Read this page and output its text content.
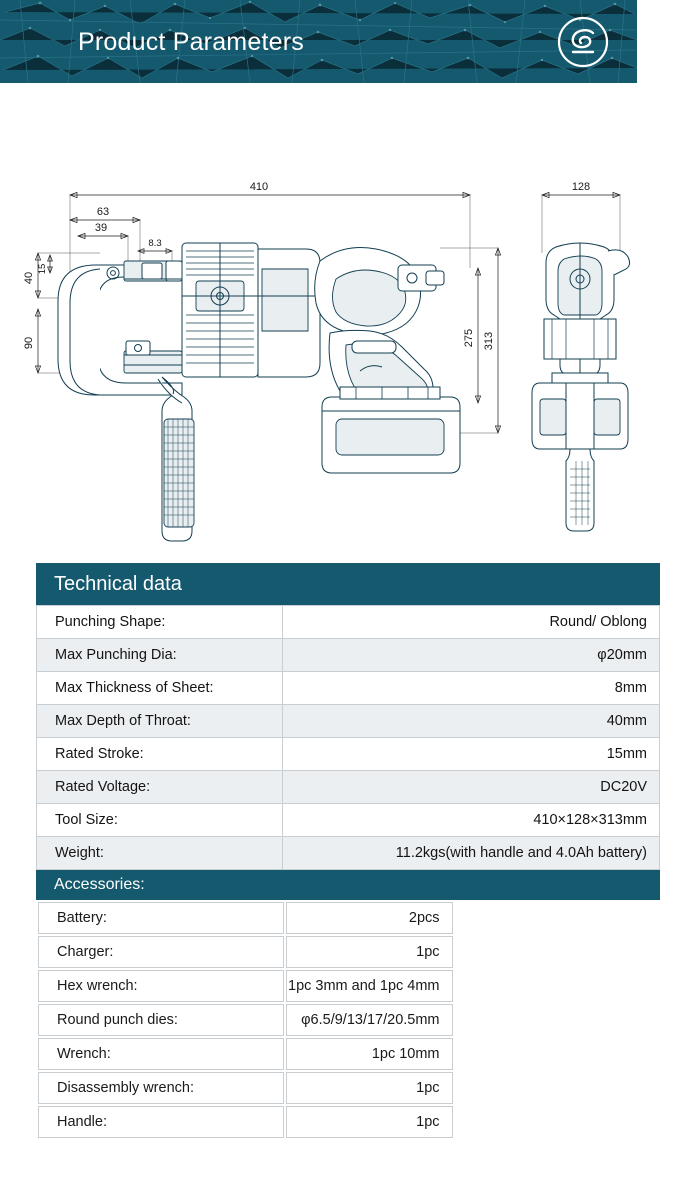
Product Parameters
410
63
39
8.3
15
40
90	275 313
128
Technical data
Punching Shape:	Round/ Oblong
Max Punching Dia:	φ20mm
Max Thickness of Sheet:	8mm
Max Depth of Throat:	40mm
Rated Stroke:	15mm
Rated Voltage:	DC20V
Tool Size:	410×128×313mm
Weight:	11.2kgs(with handle and 4.0Ah battery)
Accessories:
Battery:	2pcs
Charger:	1pc
Hex wrench:	1pc 3mm and 1pc 4mm
Round punch dies:	φ6.5/9/13/17/20.5mm
Wrench:	1pc 10mm
Disassembly wrench:	1pc
Handle:	1pc
